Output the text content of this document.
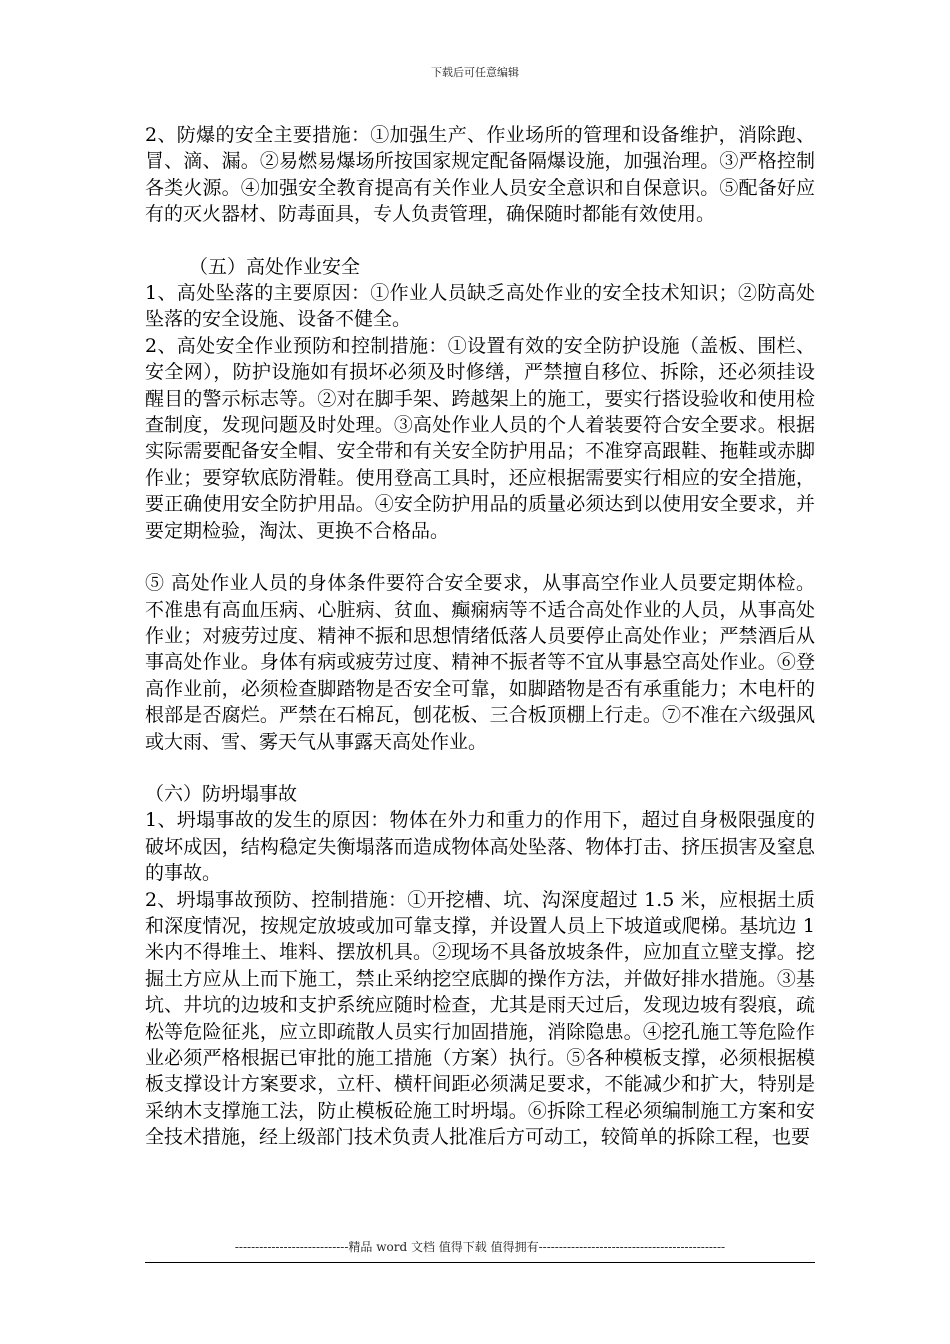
下载后可任意编辑

2、防爆的安全主要措施：①加强生产、作业场所的管理和设备维护，消除跑、冒、滴、漏。②易燃易爆场所按国家规定配备隔爆设施，加强治理。③严格控制各类火源。④加强安全教育提高有关作业人员安全意识和自保意识。⑤配备好应有的灭火器材、防毒面具，专人负责管理，确保随时都能有效使用。

（五）高处作业安全

1、高处坠落的主要原因：①作业人员缺乏高处作业的安全技术知识；②防高处坠落的安全设施、设备不健全。

2、高处安全作业预防和控制措施：①设置有效的安全防护设施（盖板、围栏、安全网），防护设施如有损坏必须及时修缮，严禁擅自移位、拆除，还必须挂设醒目的警示标志等。②对在脚手架、跨越架上的施工，要实行搭设验收和使用检查制度，发现问题及时处理。③高处作业人员的个人着装要符合安全要求。根据实际需要配备安全帽、安全带和有关安全防护用品；不准穿高跟鞋、拖鞋或赤脚作业；要穿软底防滑鞋。使用登高工具时，还应根据需要实行相应的安全措施，要正确使用安全防护用品。④安全防护用品的质量必须达到以使用安全要求，并要定期检验，淘汰、更换不合格品。

⑤ 高处作业人员的身体条件要符合安全要求，从事高空作业人员要定期体检。不准患有高血压病、心脏病、贫血、癫痫病等不适合高处作业的人员，从事高处作业；对疲劳过度、精神不振和思想情绪低落人员要停止高处作业；严禁酒后从事高处作业。身体有病或疲劳过度、精神不振者等不宜从事悬空高处作业。⑥登高作业前，必须检查脚踏物是否安全可靠，如脚踏物是否有承重能力；木电杆的根部是否腐烂。严禁在石棉瓦，刨花板、三合板顶棚上行走。⑦不准在六级强风或大雨、雪、雾天气从事露天高处作业。

（六）防坍塌事故

1、坍塌事故的发生的原因：物体在外力和重力的作用下，超过自身极限强度的破坏成因，结构稳定失衡塌落而造成物体高处坠落、物体打击、挤压损害及窒息的事故。

2、坍塌事故预防、控制措施：①开挖槽、坑、沟深度超过 1.5 米，应根据土质和深度情况，按规定放坡或加可靠支撑，并设置人员上下坡道或爬梯。基坑边 1 米内不得堆土、堆料、摆放机具。②现场不具备放坡条件，应加直立壁支撑。挖掘土方应从上而下施工，禁止采纳挖空底脚的操作方法，并做好排水措施。③基坑、井坑的边坡和支护系统应随时检查，尤其是雨天过后，发现边坡有裂痕，疏松等危险征兆，应立即疏散人员实行加固措施，消除隐患。④挖孔施工等危险作业必须严格根据已审批的施工措施（方案）执行。⑤各种模板支撑，必须根据模板支撑设计方案要求，立杆、横杆间距必须满足要求，不能减少和扩大，特别是采纳木支撑施工法，防止模板砼施工时坍塌。⑥拆除工程必须编制施工方案和安全技术措施，经上级部门技术负责人批准后方可动工，较简单的拆除工程，也要

----------------------------精品 word 文档 值得下载 值得拥有----------------------------------------------
